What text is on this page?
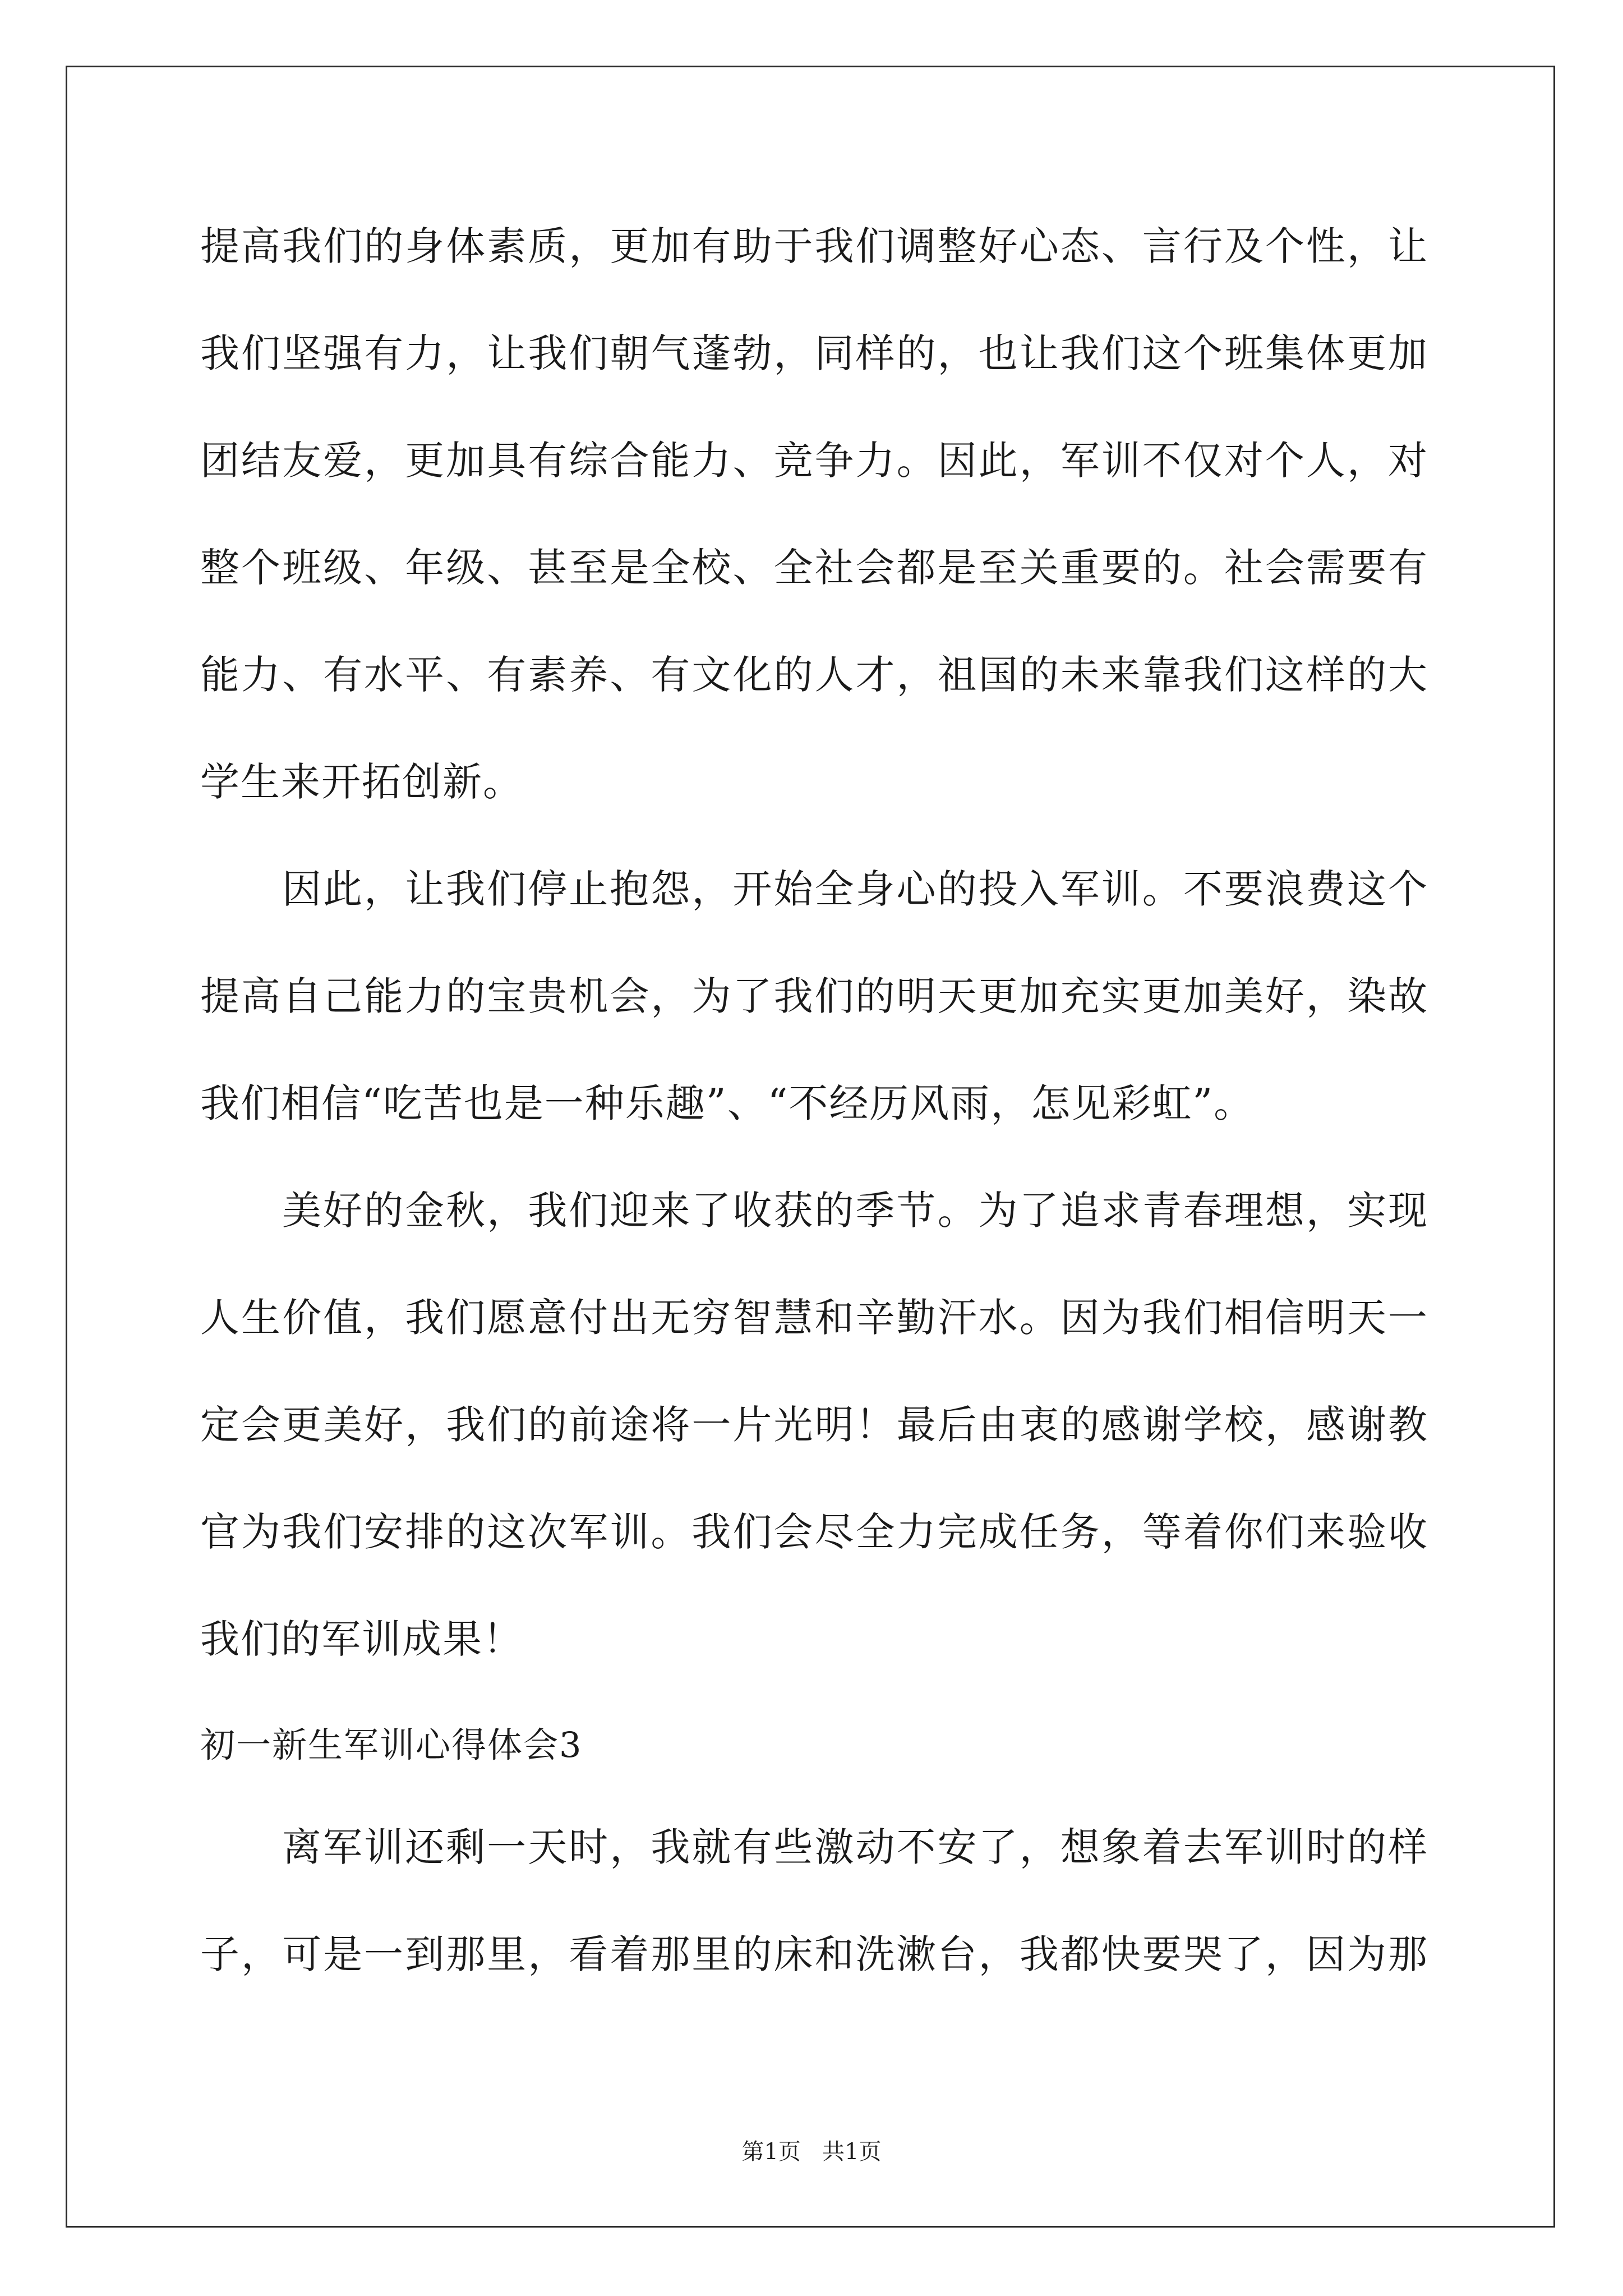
提高我们的身体素质，更加有助于我们调整好心态、言行及个性，让
我们坚强有力，让我们朝气蓬勃，同样的，也让我们这个班集体更加
团结友爱，更加具有综合能力、竞争力。因此，军训不仅对个人，对
整个班级、年级、甚至是全校、全社会都是至关重要的。社会需要有
能力、有水平、有素养、有文化的人才，祖国的未来靠我们这样的大
学生来开拓创新。
因此，让我们停止抱怨，开始全身心的投入军训。不要浪费这个
提高自己能力的宝贵机会，为了我们的明天更加充实更加美好，染故
我们相信“吃苦也是一种乐趣”、“不经历风雨，怎见彩虹”。
美好的金秋，我们迎来了收获的季节。为了追求青春理想，实现
人生价值，我们愿意付出无穷智慧和辛勤汗水。因为我们相信明天一
定会更美好，我们的前途将一片光明！最后由衷的感谢学校，感谢教
官为我们安排的这次军训。我们会尽全力完成任务，等着你们来验收
我们的军训成果！
离军训还剩一天时，我就有些激动不安了，想象着去军训时的样
子，可是一到那里，看着那里的床和洗漱台，我都快要哭了，因为那
初一新生军训心得体会3
第1页   共1页
